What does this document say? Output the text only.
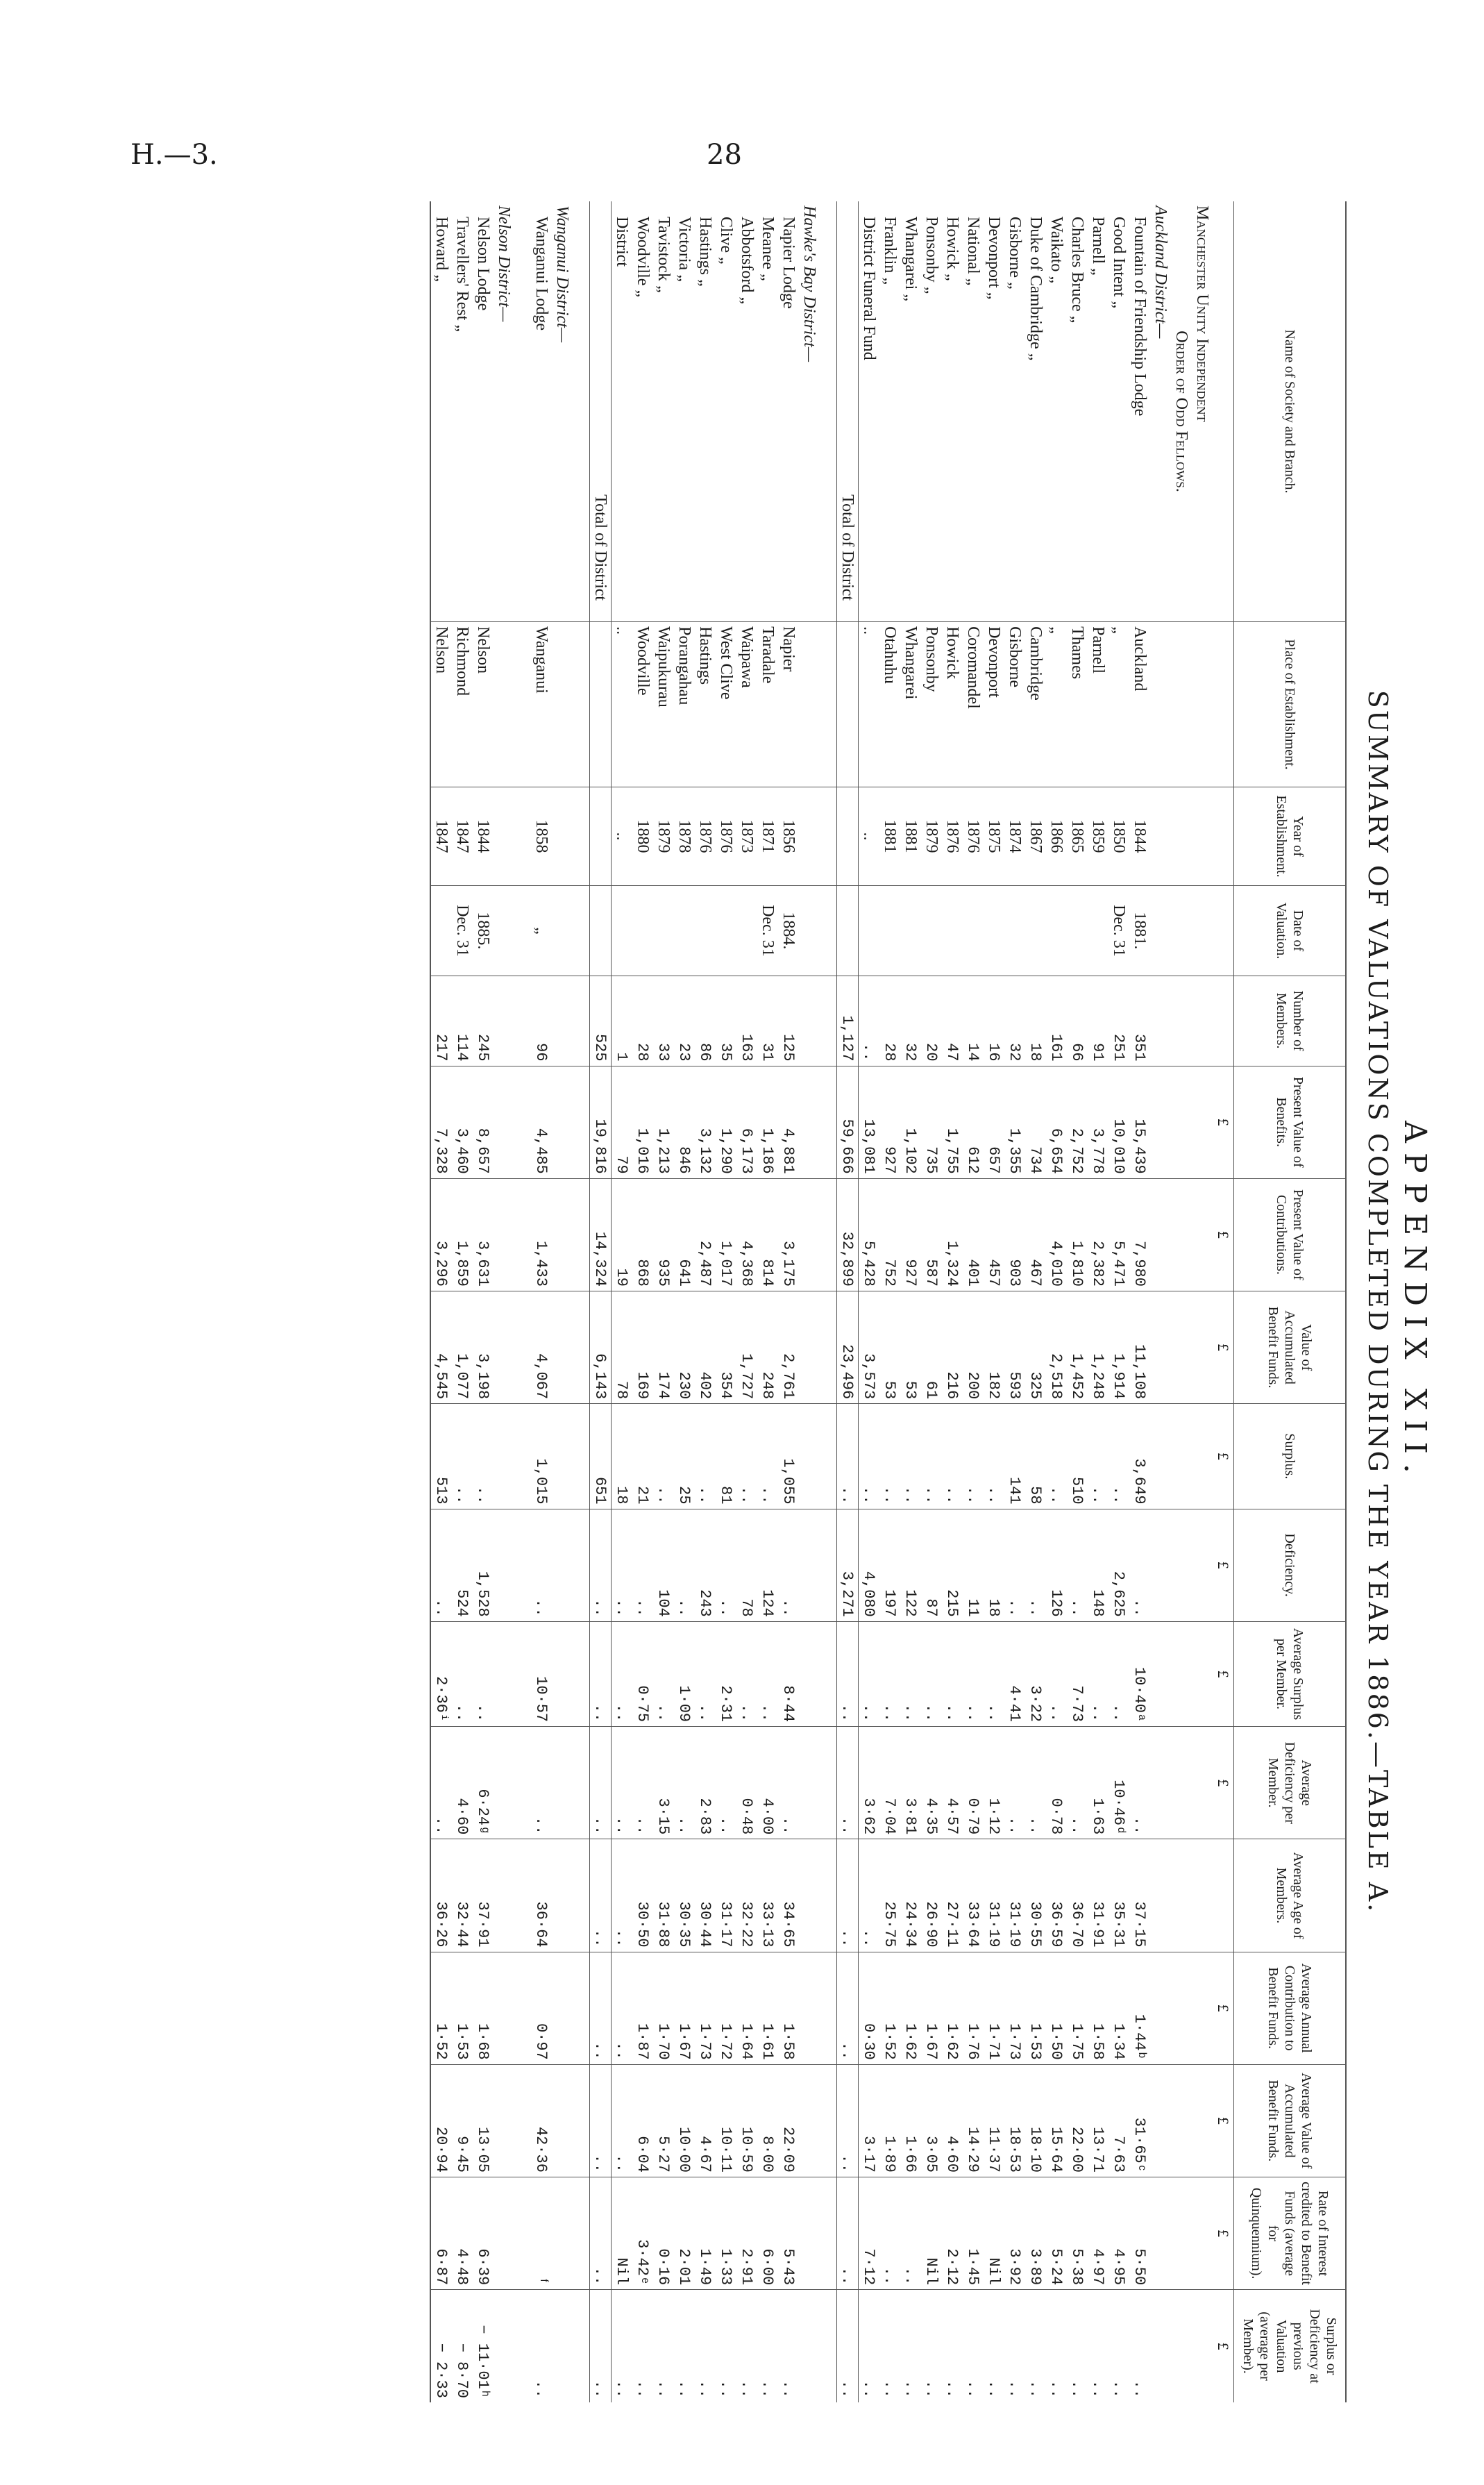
H.—3.	28
APPENDIX XII.
SUMMARY OF VALUATIONS COMPLETED DURING THE YEAR 1886.—TABLE A.
Name of Society and Branch.	Place of Establishment.	Year of Establishment.	Date of Valuation.	Number of Members.	Present Value of Benefits.	Present Value of Contributions.	Value of Accumulated Benefit Funds.	Surplus.	Deficiency.	Average Surplus per Member.	Average Deficiency per Member.	Average Age of Members.	Average Annual Contribution to Benefit Funds.	Average Value of Accumulated Benefit Funds.	Rate of Interest credited to Benefit Funds (average for Quinquennium).	Surplus or Deficiency at previous Valuation (average per Member).
					£	£	£	£	£	£	£		£	£	£	£
Manchester Unity Independent																
Order of Odd Fellows.																
Auckland District—																
Fountain of Friendship Lodge	Auckland	1844	1881.	351	15,439	7,980	11,108	3,649	..	10·40ᵃ	..	37·15	1·44ᵇ	31·65ᶜ	5·50	..
Good Intent „	„	1850	Dec. 31	251	10,010	5,471	1,914	..	2,625	..	10·46ᵈ	35·31	1·34	7·63	4·95	..
Parnell „	Parnell	1859		91	3,778	2,382	1,248	..	148	..	1·63	31·91	1·58	13·71	4·97	..
Charles Bruce „	Thames	1865		66	2,752	1,810	1,452	510	..	7·73	..	36·70	1·75	22·00	5·38	..
Waikato „	„	1866		161	6,654	4,010	2,518	..	126	..	0·78	36·59	1·50	15·64	5·24	..
Duke of Cambridge „	Cambridge	1867		18	734	467	325	58	..	3·22	..	30·55	1·53	18·10	3·89	..
Gisborne „	Gisborne	1874		32	1,355	903	593	141	..	4·41	..	31·19	1·73	18·53	3·92	..
Devonport „	Devonport	1875		16	657	457	182	..	18	..	1·12	31·19	1·71	11·37	Nil	..
National „	Coromandel	1876		14	612	401	200	..	11	..	0·79	33·64	1·76	14·29	1·45	..
Howick „	Howick	1876		47	1,755	1,324	216	..	215	..	4·57	27·11	1·62	4·60	2·12	..
Ponsonby „	Ponsonby	1879		20	735	587	61	..	87	..	4·35	26·90	1·67	3·05	Nil	..
Whangarei „	Whangarei	1881		32	1,102	927	53	..	122	..	3·81	24·34	1·62	1·66	..	..
Franklin „	Otahuhu	1881		28	927	752	53	..	197	..	7·04	25·75	1·52	1·89	..	..
District Funeral Fund	..	..		..	13,081	5,428	3,573	..	4,080	..	3·62	..	0·30	3·17	7·12	..
Total of District				1,127	59,666	32,899	23,496	..	3,271	..	..	..	..	..	..	..

Hawke's Bay District—																
Napier Lodge	Napier	1856	1884.	125	4,881	3,175	2,761	1,055	..	8·44	..	34·65	1·58	22·09	5·43	..
Meanee „	Taradale	1871	Dec. 31	31	1,186	814	248	..	124	..	4·00	33·13	1·61	8·00	6·00	..
Abbotsford „	Waipawa	1873		163	6,173	4,368	1,727	..	78	..	0·48	32·22	1·64	10·59	2·91	..
Clive „	West Clive	1876		35	1,290	1,017	354	81	..	2·31	..	31·17	1·72	10·11	1·33	..
Hastings „	Hastings	1876		86	3,132	2,487	402	..	243	..	2·83	30·44	1·73	4·67	1·49	..
Victoria „	Porangahau	1878		23	846	641	230	25	..	1·09	..	30·35	1·67	10·00	2·01	..
Tavistock „	Waipukurau	1879		33	1,213	935	174	..	104	..	3·15	31·88	1·70	5·27	0·16	..
Woodville „	Woodville	1880		28	1,016	868	169	21	..	0·75	..	30·50	1·87	6·04	3·42ᵉ	..
District	..	..		1	79	19	78	18	..	..	..	..	..	..	Nil	..
Total of District				525	19,816	14,324	6,143	651	..	..	..	..	..	..	..	..

Wanganui District—																
Wanganui Lodge	Wanganui	1858	„	96	4,485	1,433	4,067	1,015	..	10·57	..	36·64	0·97	42·36	ᶠ	..

Nelson District—																
Nelson Lodge	Nelson	1844	1885.	245	8,657	3,631	3,198	..	1,528	..	6·24ᵍ	37·91	1·68	13·05	6·39	− 11·01ʰ
Travellers' Rest „	Richmond	1847	Dec. 31	114	3,460	1,859	1,077	..	524	..	4·60	32·44	1·53	9·45	4·48	− 8·70
Howard „	Nelson	1847		217	7,328	3,296	4,545	513	..	2·36ⁱ	..	36·26	1·52	20·94	6·87	− 2·33
